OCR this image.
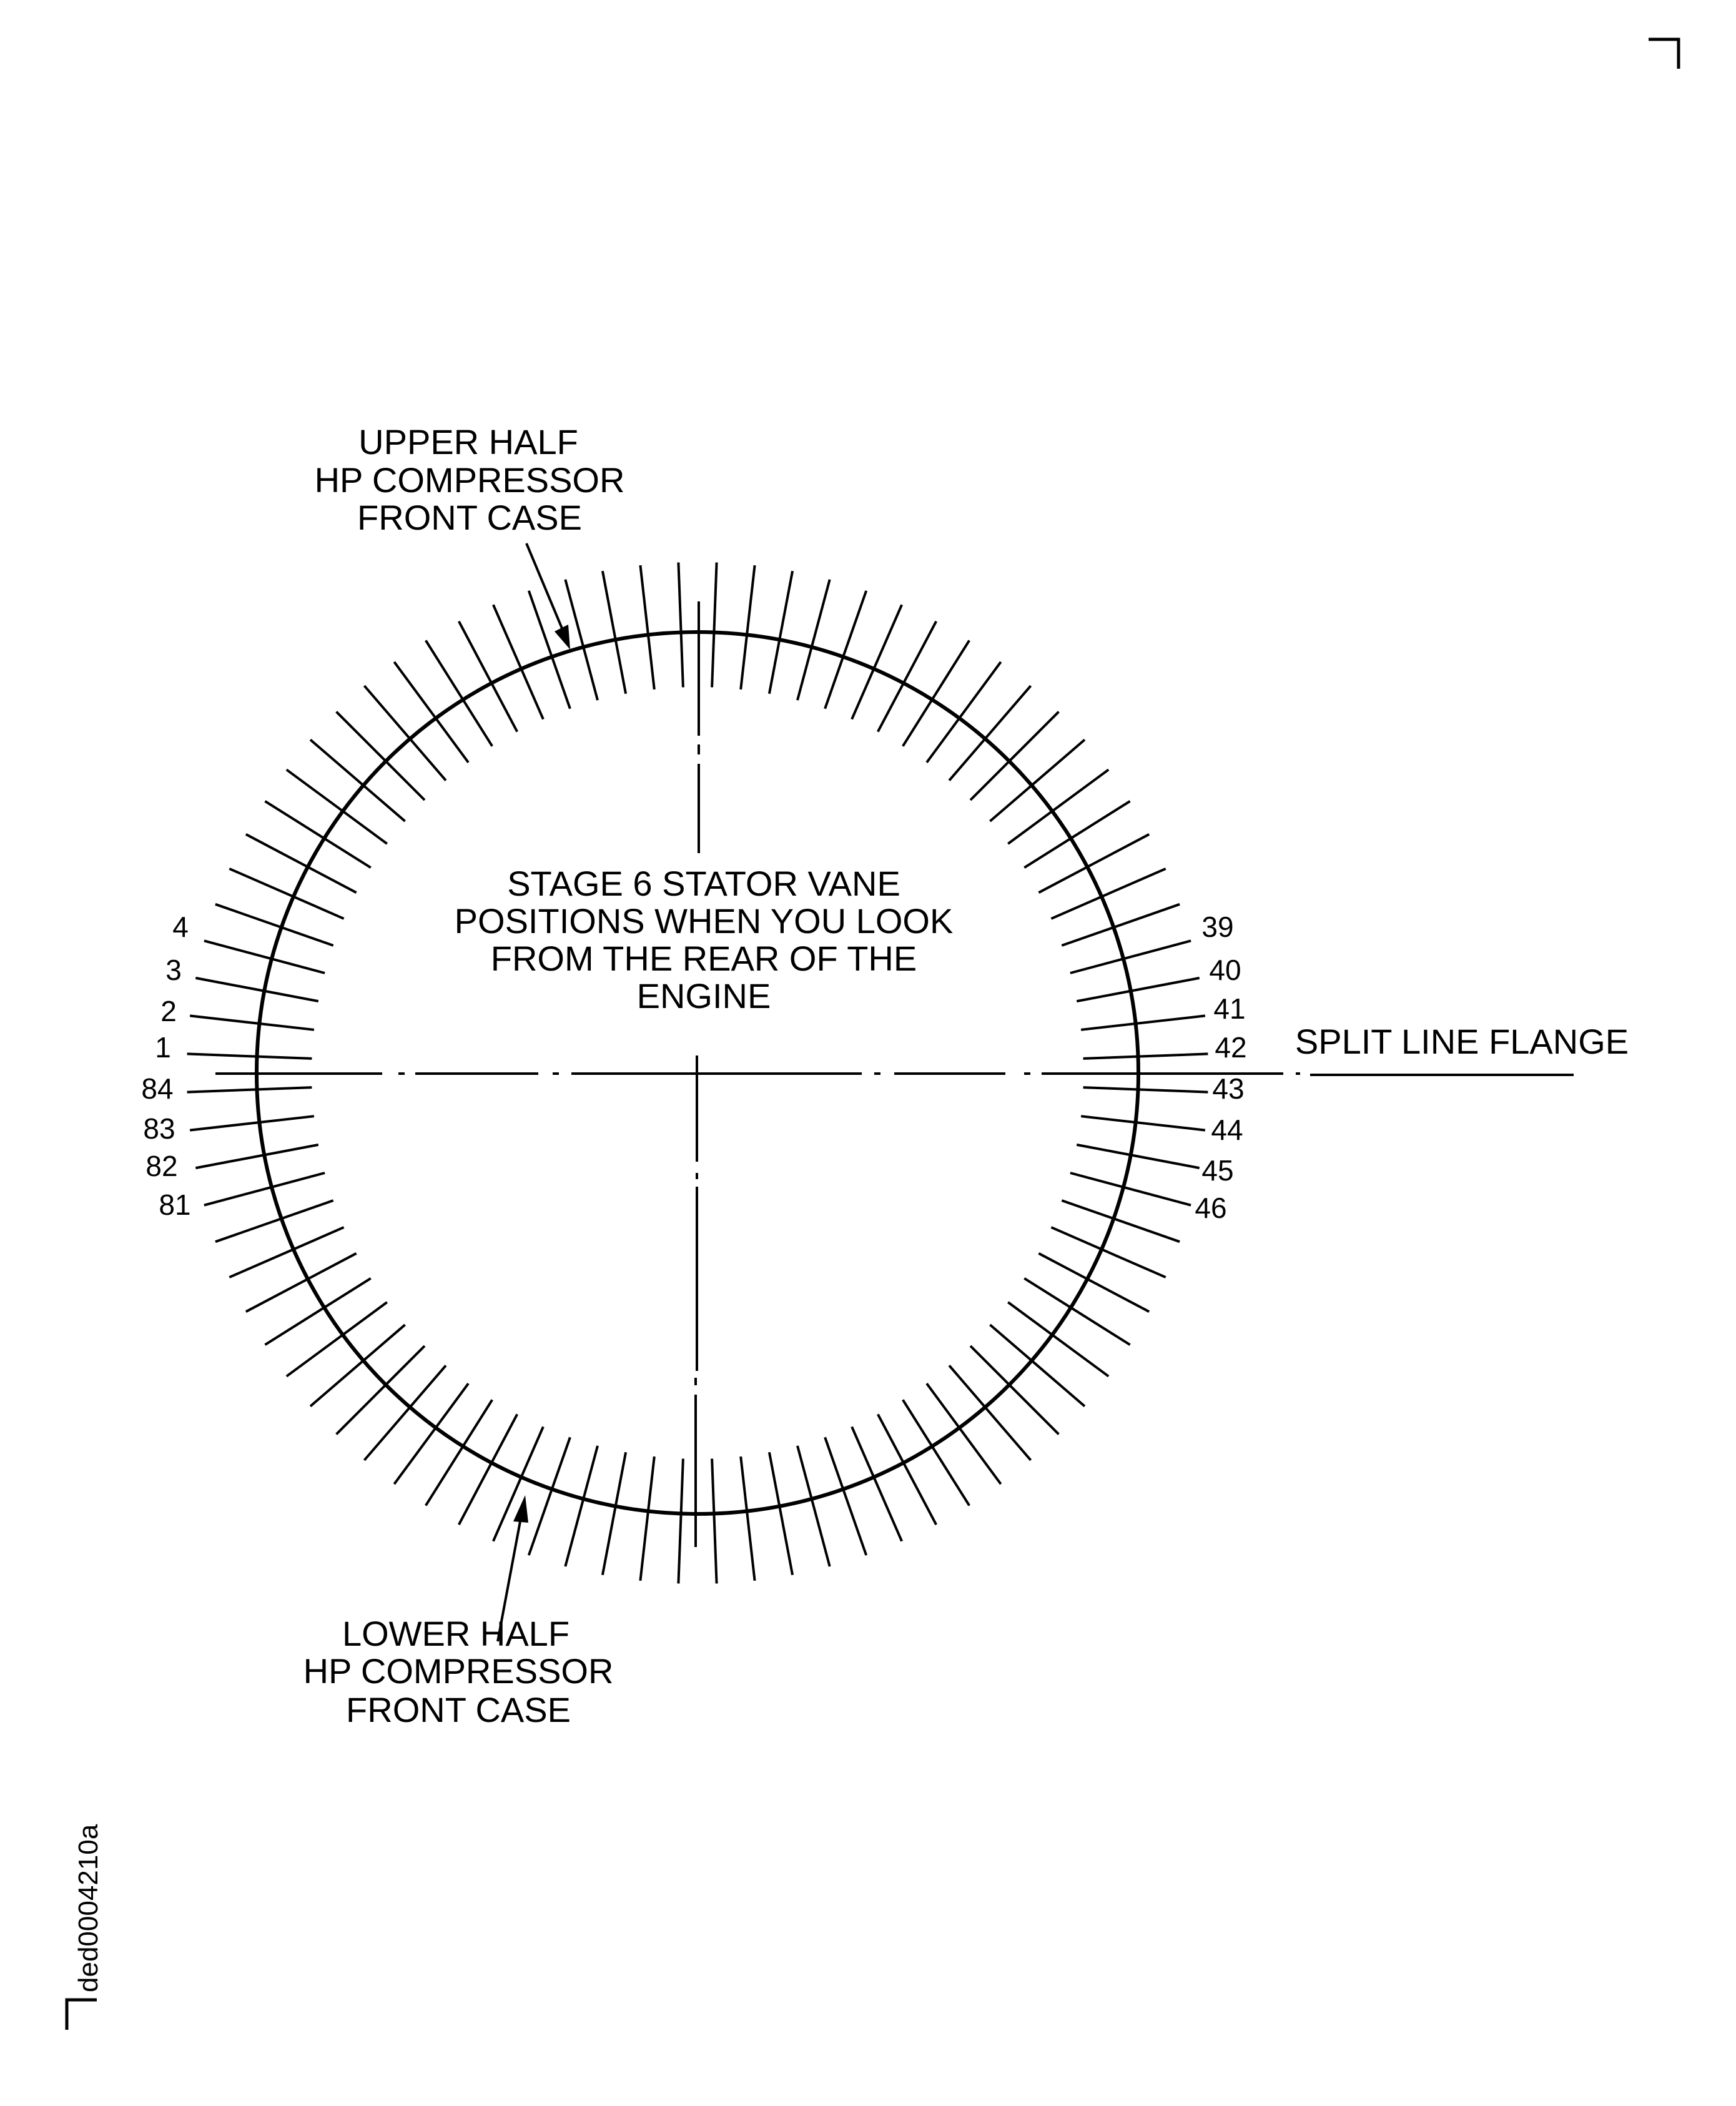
UPPER HALF
HP COMPRESSOR
FRONT CASE
STAGE 6 STATOR VANE
POSITIONS WHEN YOU LOOK
FROM THE REAR OF THE
ENGINE
LOWER HALF
HP COMPRESSOR
FRONT CASE
SPLIT LINE FLANGE
4
3
2
1
84
83
82
81
39
40
41
42
43
44
45
46
ded0004210a
